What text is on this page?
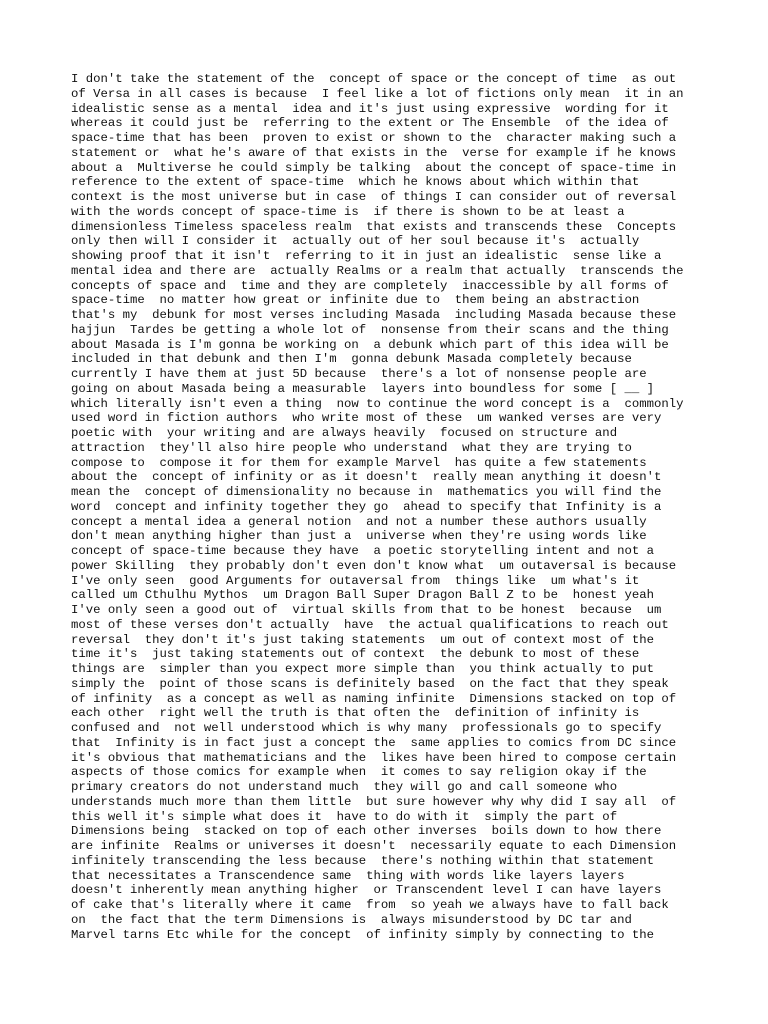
I don't take the statement of the  concept of space or the concept of time  as out
of Versa in all cases is because  I feel like a lot of fictions only mean  it in an
idealistic sense as a mental  idea and it's just using expressive  wording for it
whereas it could just be  referring to the extent or The Ensemble  of the idea of
space-time that has been  proven to exist or shown to the  character making such a
statement or  what he's aware of that exists in the  verse for example if he knows
about a  Multiverse he could simply be talking  about the concept of space-time in
reference to the extent of space-time  which he knows about which within that
context is the most universe but in case  of things I can consider out of reversal
with the words concept of space-time is  if there is shown to be at least a
dimensionless Timeless spaceless realm  that exists and transcends these  Concepts
only then will I consider it  actually out of her soul because it's  actually
showing proof that it isn't  referring to it in just an idealistic  sense like a
mental idea and there are  actually Realms or a realm that actually  transcends the
concepts of space and  time and they are completely  inaccessible by all forms of
space-time  no matter how great or infinite due to  them being an abstraction
that's my  debunk for most verses including Masada  including Masada because these
hajjun  Tardes be getting a whole lot of  nonsense from their scans and the thing
about Masada is I'm gonna be working on  a debunk which part of this idea will be
included in that debunk and then I'm  gonna debunk Masada completely because
currently I have them at just 5D because  there's a lot of nonsense people are
going on about Masada being a measurable  layers into boundless for some [ __ ]
which literally isn't even a thing  now to continue the word concept is a  commonly
used word in fiction authors  who write most of these  um wanked verses are very
poetic with  your writing and are always heavily  focused on structure and
attraction  they'll also hire people who understand  what they are trying to
compose to  compose it for them for example Marvel  has quite a few statements
about the  concept of infinity or as it doesn't  really mean anything it doesn't
mean the  concept of dimensionality no because in  mathematics you will find the
word  concept and infinity together they go  ahead to specify that Infinity is a
concept a mental idea a general notion  and not a number these authors usually
don't mean anything higher than just a  universe when they're using words like
concept of space-time because they have  a poetic storytelling intent and not a
power Skilling  they probably don't even don't know what  um outaversal is because
I've only seen  good Arguments for outaversal from  things like  um what's it
called um Cthulhu Mythos  um Dragon Ball Super Dragon Ball Z to be  honest yeah
I've only seen a good out of  virtual skills from that to be honest  because  um
most of these verses don't actually  have  the actual qualifications to reach out
reversal  they don't it's just taking statements  um out of context most of the
time it's  just taking statements out of context  the debunk to most of these
things are  simpler than you expect more simple than  you think actually to put
simply the  point of those scans is definitely based  on the fact that they speak
of infinity  as a concept as well as naming infinite  Dimensions stacked on top of
each other  right well the truth is that often the  definition of infinity is
confused and  not well understood which is why many  professionals go to specify
that  Infinity is in fact just a concept the  same applies to comics from DC since
it's obvious that mathematicians and the  likes have been hired to compose certain
aspects of those comics for example when  it comes to say religion okay if the
primary creators do not understand much  they will go and call someone who
understands much more than them little  but sure however why why did I say all  of
this well it's simple what does it  have to do with it  simply the part of
Dimensions being  stacked on top of each other inverses  boils down to how there
are infinite  Realms or universes it doesn't  necessarily equate to each Dimension
infinitely transcending the less because  there's nothing within that statement
that necessitates a Transcendence same  thing with words like layers layers
doesn't inherently mean anything higher  or Transcendent level I can have layers
of cake that's literally where it came  from  so yeah we always have to fall back
on  the fact that the term Dimensions is  always misunderstood by DC tar and
Marvel tarns Etc while for the concept  of infinity simply by connecting to the
